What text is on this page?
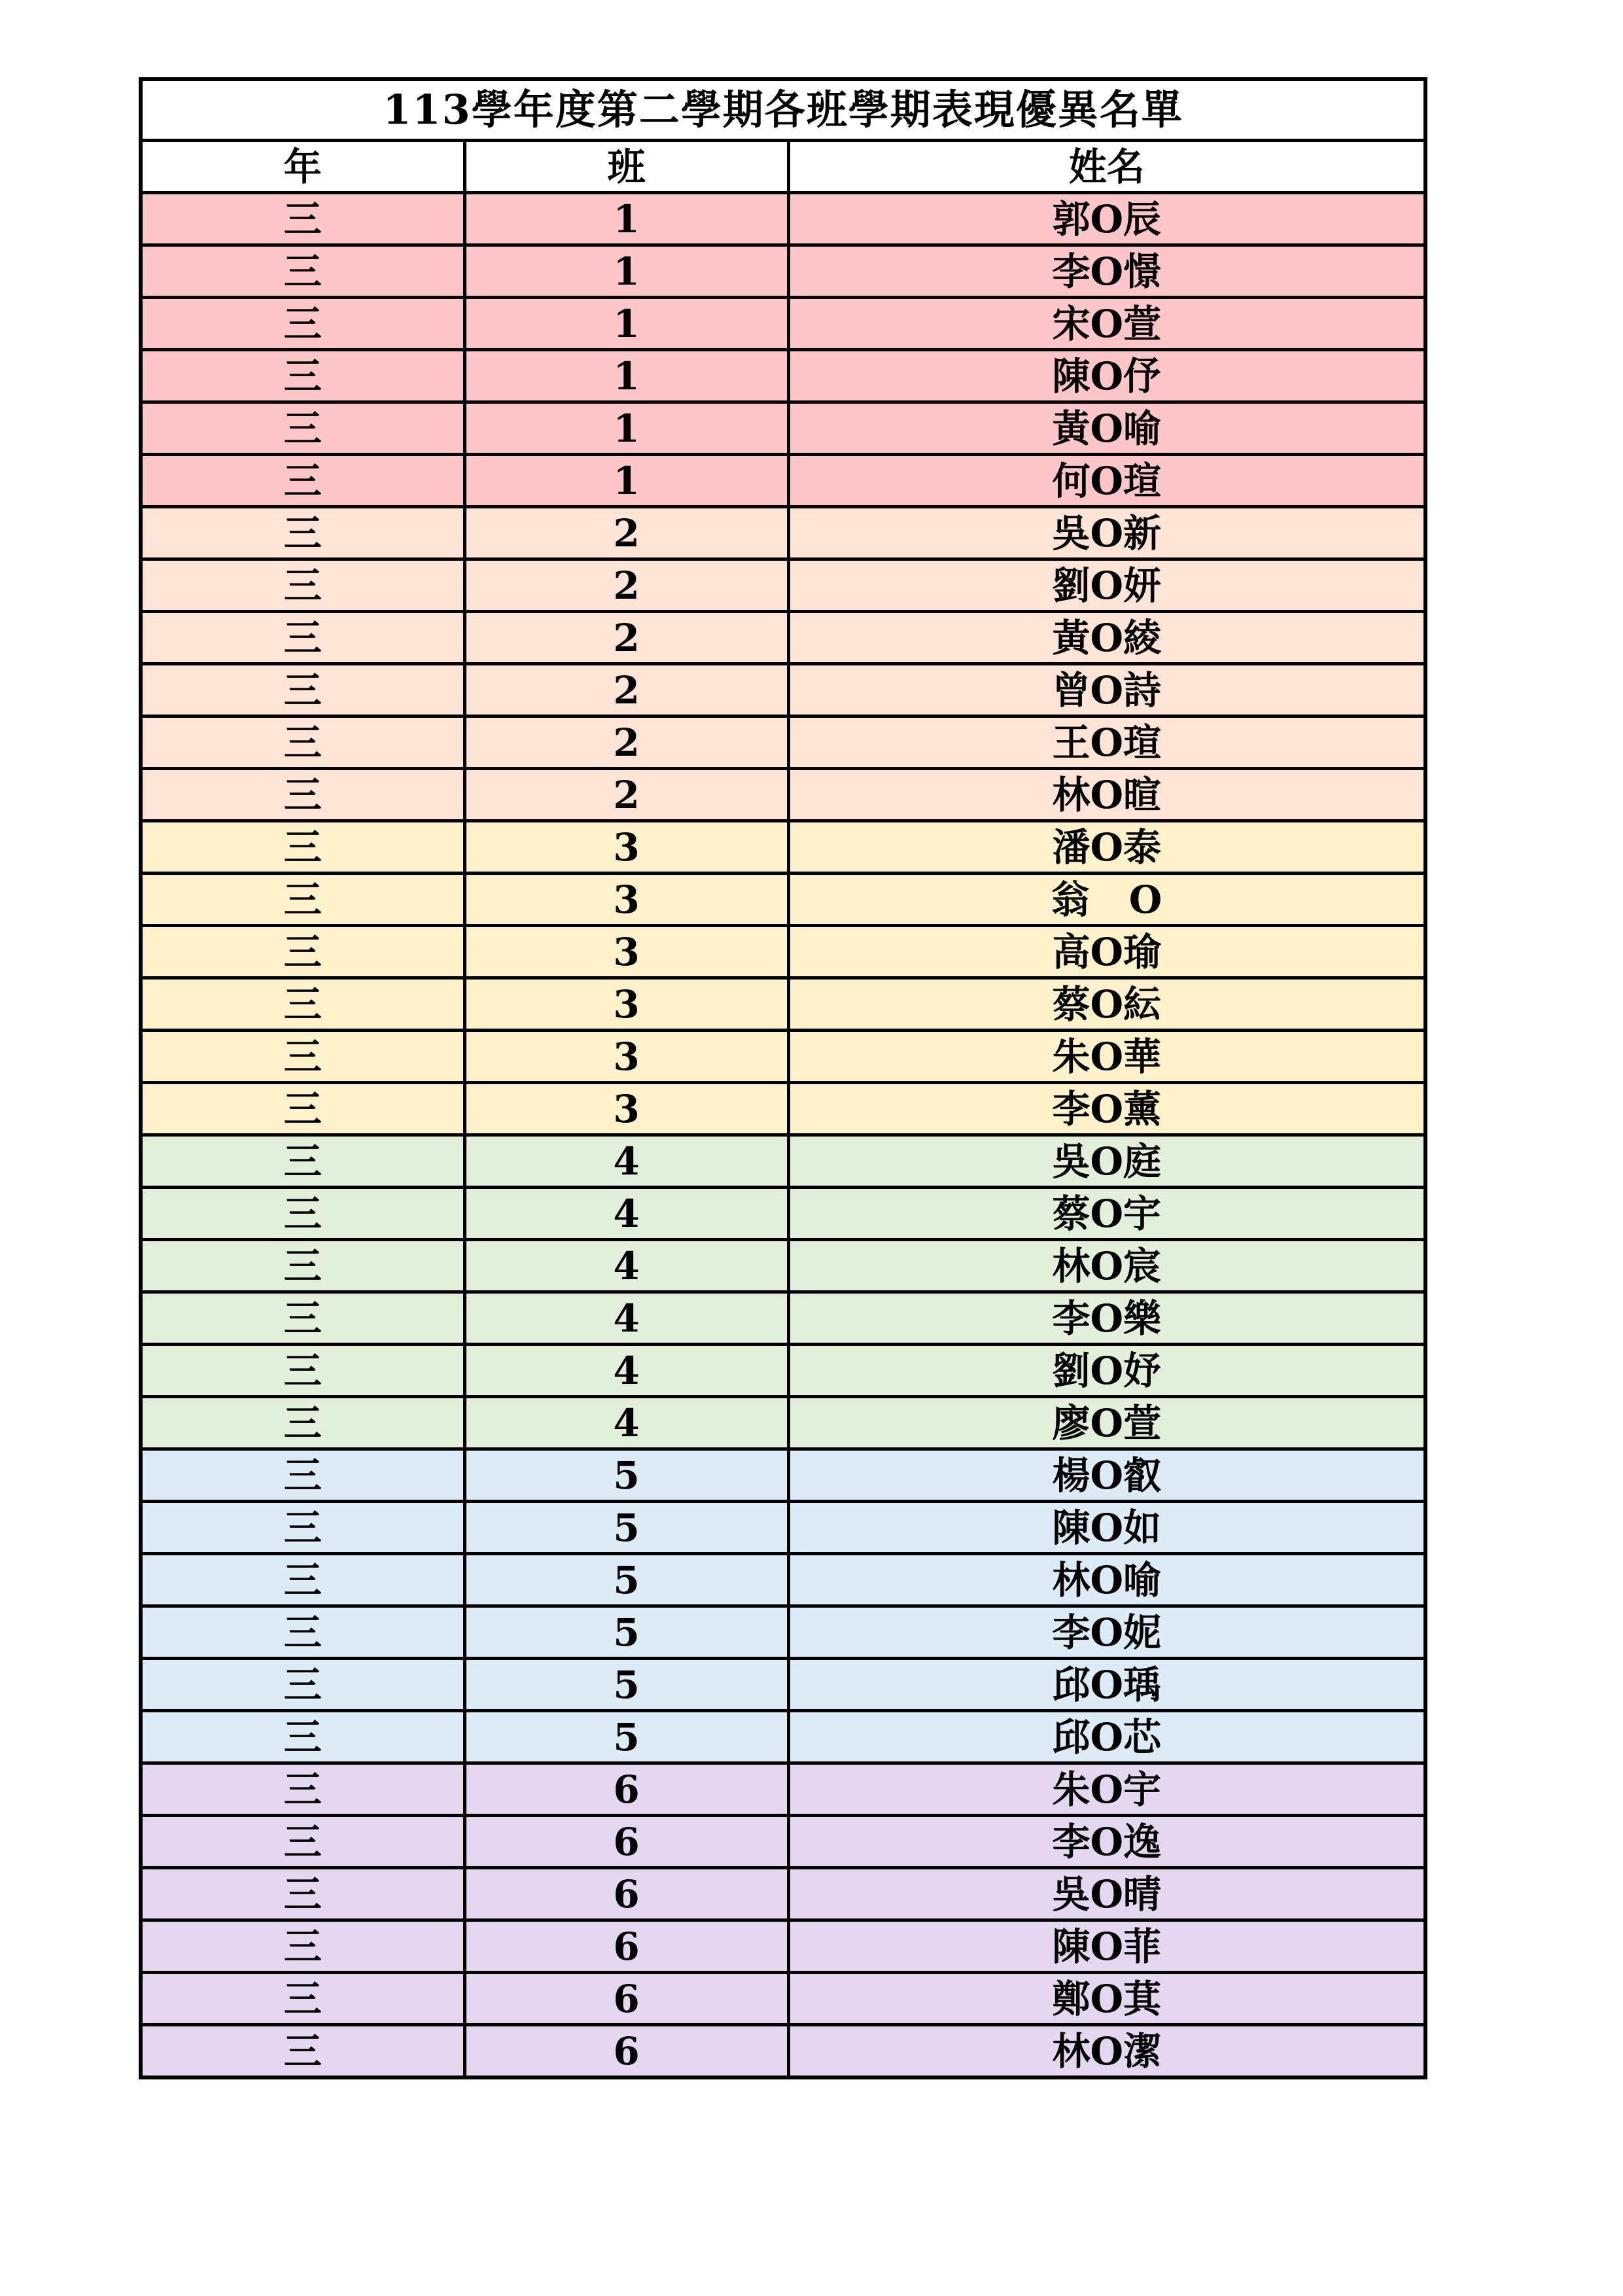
113學年度第二學期各班學期表現優異名單		
年	班	姓名
三	1	郭O辰
三	1	李O憬
三	1	宋O萱
三	1	陳O伃
三	1	黃O喻
三	1	何O瑄
三	2	吳O新
三	2	劉O妍
三	2	黃O綾
三	2	曾O詩
三	2	王O瑄
三	2	林O暄
三	3	潘O泰
三	3	翁   O
三	3	高O瑜
三	3	蔡O紜
三	3	朱O華
三	3	李O薰
三	4	吳O庭
三	4	蔡O宇
三	4	林O宸
三	4	李O樂
三	4	劉O妤
三	4	廖O萱
三	5	楊O叡
三	5	陳O如
三	5	林O喻
三	5	李O妮
三	5	邱O瑀
三	5	邱O芯
三	6	朱O宇
三	6	李O逸
三	6	吳O晴
三	6	陳O菲
三	6	鄭O萁
三	6	林O潔
